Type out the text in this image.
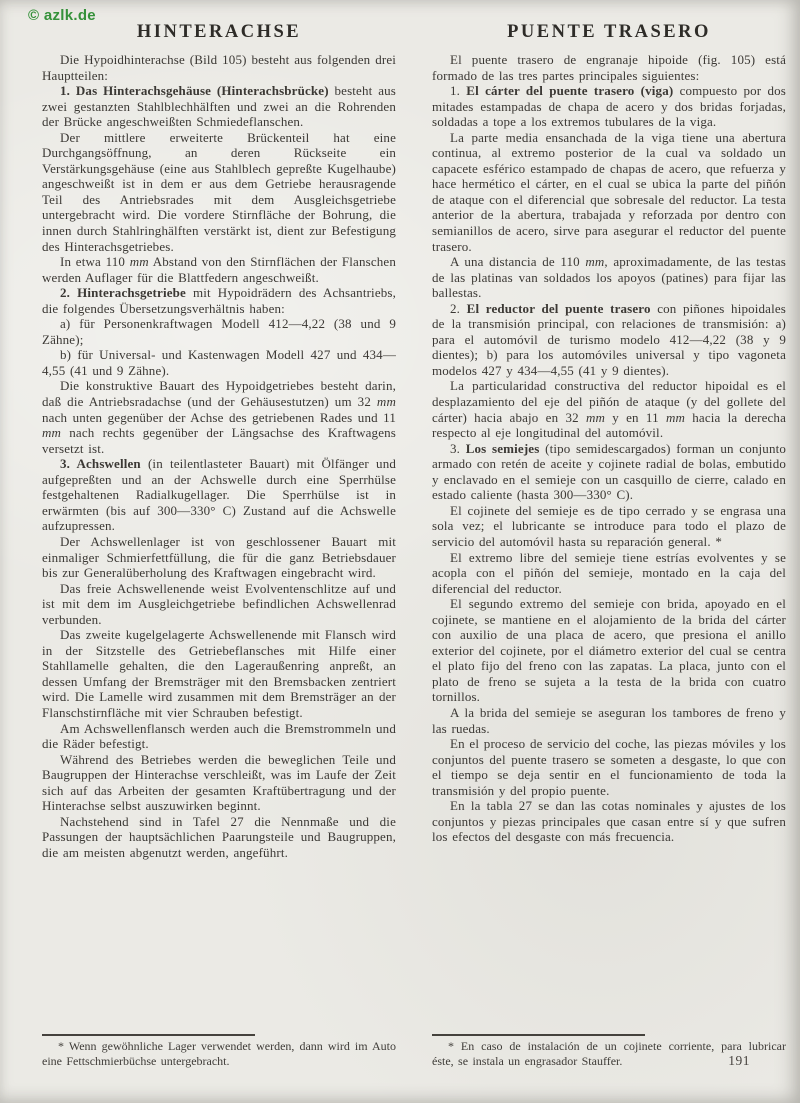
© azlk.de
HINTERACHSE

Die Hypoidhinterachse (Bild 105) besteht aus folgenden drei Hauptteilen:

1. Das Hinterachsgehäuse (Hinterachsbrücke) besteht aus zwei gestanzten Stahlblechhälften und zwei an die Rohrenden der Brücke angeschweißten Schmiedeflanschen.

Der mittlere erweiterte Brückenteil hat eine Durchgangsöffnung, an deren Rückseite ein Verstärkungsgehäuse (eine aus Stahlblech gepreßte Kugelhaube) angeschweißt ist in dem er aus dem Getriebe herausragende Teil des Antriebsrades mit dem Ausgleichsgetriebe untergebracht wird. Die vordere Stirnfläche der Bohrung, die innen durch Stahlringhälften verstärkt ist, dient zur Befestigung des Hinterachsgetriebes.

In etwa 110 mm Abstand von den Stirnflächen der Flanschen werden Auflager für die Blattfedern angeschweißt.

2. Hinterachsgetriebe mit Hypoidrädern des Achsantriebs, die folgendes Übersetzungsverhältnis haben:

a) für Personenkraftwagen Modell 412—4,22 (38 und 9 Zähne);

b) für Universal- und Kastenwagen Modell 427 und 434—4,55 (41 und 9 Zähne).

Die konstruktive Bauart des Hypoidgetriebes besteht darin, daß die Antriebsradachse (und der Gehäusestutzen) um 32 mm nach unten gegenüber der Achse des getriebenen Rades und 11 mm nach rechts gegenüber der Längsachse des Kraftwagens versetzt ist.

3. Achswellen (in teilentlasteter Bauart) mit Ölfänger und aufgepreßten und an der Achswelle durch eine Sperrhülse festgehaltenen Radialkugellager. Die Sperrhülse ist in erwärmten (bis auf 300—330° C) Zustand auf die Achswelle aufzupressen.

Der Achswellenlager ist von geschlossener Bauart mit einmaliger Schmierfettfüllung, die für die ganz Betriebsdauer bis zur Generalüberholung des Kraftwagen eingebracht wird.

Das freie Achswellenende weist Evolventenschlitze auf und ist mit dem im Ausgleichgetriebe befindlichen Achswellenrad verbunden.

Das zweite kugelgelagerte Achswellenende mit Flansch wird in der Sitzstelle des Getriebeflansches mit Hilfe einer Stahllamelle gehalten, die den Lageraußenring anpreßt, an dessen Umfang der Bremsträger mit den Bremsbacken zentriert wird. Die Lamelle wird zusammen mit dem Bremsträger an der Flanschstirnfläche mit vier Schrauben befestigt.

Am Achswellenflansch werden auch die Bremstrommeln und die Räder befestigt.

Während des Betriebes werden die beweglichen Teile und Baugruppen der Hinterachse verschleißt, was im Laufe der Zeit sich auf das Arbeiten der gesamten Kraftübertragung und der Hinterachse selbst auszuwirken beginnt.

Nachstehend sind in Tafel 27 die Nennmaße und die Passungen der hauptsächlichen Paarungsteile und Baugruppen, die am meisten abgenutzt werden, angeführt.

* Wenn gewöhnliche Lager verwendet werden, dann wird im Auto eine Fettschmierbüchse untergebracht.

PUENTE TRASERO

El puente trasero de engranaje hipoide (fig. 105) está formado de las tres partes principales siguientes:

1. El cárter del puente trasero (viga) compuesto por dos mitades estampadas de chapa de acero y dos bridas forjadas, soldadas a tope a los extremos tubulares de la viga.

La parte media ensanchada de la viga tiene una abertura continua, al extremo posterior de la cual va soldado un capacete esférico estampado de chapas de acero, que refuerza y hace hermético el cárter, en el cual se ubica la parte del piñón de ataque con el diferencial que sobresale del reductor. La testa anterior de la abertura, trabajada y reforzada por dentro con semianillos de acero, sirve para asegurar el reductor del puente trasero.

A una distancia de 110 mm, aproximadamente, de las testas de las platinas van soldados los apoyos (patines) para fijar las ballestas.

2. El reductor del puente trasero con piñones hipoidales de la transmisión principal, con relaciones de transmisión: a) para el automóvil de turismo modelo 412—4,22 (38 y 9 dientes); b) para los automóviles universal y tipo vagoneta modelos 427 y 434—4,55 (41 y 9 dientes).

La particularidad constructiva del reductor hipoidal es el desplazamiento del eje del piñón de ataque (y del gollete del cárter) hacia abajo en 32 mm y en 11 mm hacia la derecha respecto al eje longitudinal del automóvil.

3. Los semiejes (tipo semidescargados) forman un conjunto armado con retén de aceite y cojinete radial de bolas, embutido y enclavado en el semieje con un casquillo de cierre, calado en estado caliente (hasta 300—330° C).

El cojinete del semieje es de tipo cerrado y se engrasa una sola vez; el lubricante se introduce para todo el plazo de servicio del automóvil hasta su reparación general. *

El extremo libre del semieje tiene estrías evolventes y se acopla con el piñón del semieje, montado en la caja del diferencial del reductor.

El segundo extremo del semieje con brida, apoyado en el cojinete, se mantiene en el alojamiento de la brida del cárter con auxilio de una placa de acero, que presiona el anillo exterior del cojinete, por el diámetro exterior del cual se centra el plato fijo del freno con las zapatas. La placa, junto con el plato de freno se sujeta a la testa de la brida con cuatro tornillos.

A la brida del semieje se aseguran los tambores de freno y las ruedas.

En el proceso de servicio del coche, las piezas móviles y los conjuntos del puente trasero se someten a desgaste, lo que con el tiempo se deja sentir en el funcionamiento de toda la transmisión y del propio puente.

En la tabla 27 se dan las cotas nominales y ajustes de los conjuntos y piezas principales que casan entre sí y que sufren los efectos del desgaste con más frecuencia.

* En caso de instalación de un cojinete corriente, para lubricar éste, se instala un engrasador Stauffer.	191
